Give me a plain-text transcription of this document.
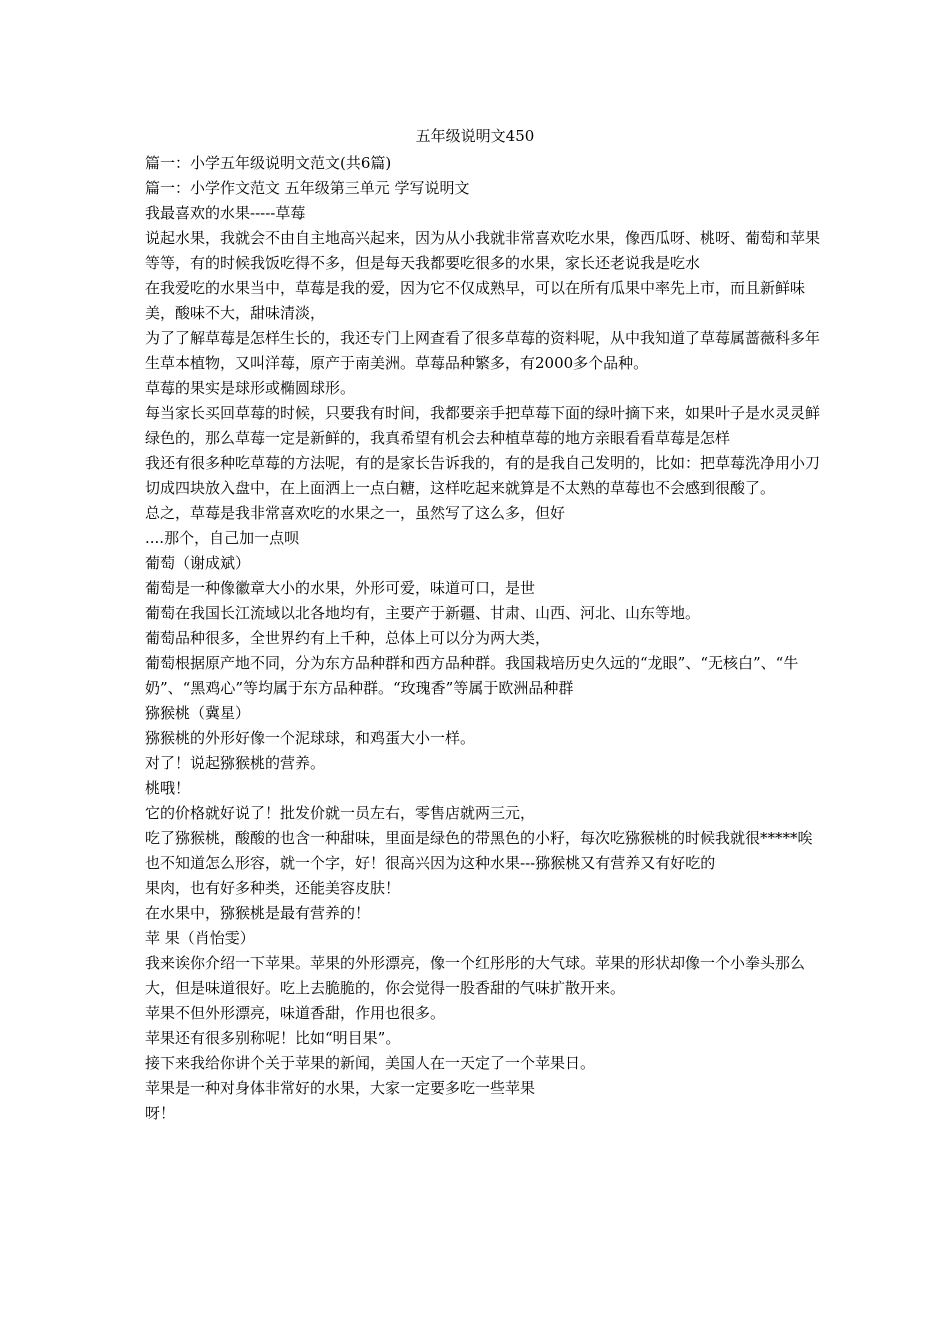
五年级说明文450

篇一：小学五年级说明文范文(共6篇)

篇一：小学作文范文 五年级第三单元 学写说明文

我最喜欢的水果-----草莓

说起水果，我就会不由自主地高兴起来，因为从小我就非常喜欢吃水果，像西瓜呀、桃呀、葡萄和苹果等等，有的时候我饭吃得不多，但是每天我都要吃很多的水果，家长还老说我是吃水

在我爱吃的水果当中，草莓是我的爱，因为它不仅成熟早，可以在所有瓜果中率先上市，而且新鲜味美，酸味不大，甜味清淡，

为了了解草莓是怎样生长的，我还专门上网查看了很多草莓的资料呢，从中我知道了草莓属蔷薇科多年生草本植物，又叫洋莓，原产于南美洲。草莓品种繁多，有2000多个品种。

草莓的果实是球形或椭圆球形。

每当家长买回草莓的时候，只要我有时间，我都要亲手把草莓下面的绿叶摘下来，如果叶子是水灵灵鲜绿色的，那么草莓一定是新鲜的，我真希望有机会去种植草莓的地方亲眼看看草莓是怎样

我还有很多种吃草莓的方法呢，有的是家长告诉我的，有的是我自己发明的，比如：把草莓洗净用小刀切成四块放入盘中，在上面洒上一点白糖，这样吃起来就算是不太熟的草莓也不会感到很酸了。

总之，草莓是我非常喜欢吃的水果之一，虽然写了这么多，但好

....那个，自己加一点呗

葡萄（谢成斌）

葡萄是一种像徽章大小的水果，外形可爱，味道可口，是世

葡萄在我国长江流域以北各地均有，主要产于新疆、甘肃、山西、河北、山东等地。

葡萄品种很多，全世界约有上千种，总体上可以分为两大类，

葡萄根据原产地不同，分为东方品种群和西方品种群。我国栽培历史久远的“龙眼”、“无核白”、“牛奶”、“黑鸡心”等均属于东方品种群。“玫瑰香”等属于欧洲品种群

猕猴桃（冀星）

猕猴桃的外形好像一个泥球球，和鸡蛋大小一样。

对了！说起猕猴桃的营养。

桃哦！

它的价格就好说了！批发价就一员左右，零售店就两三元，

吃了猕猴桃，酸酸的也含一种甜味，里面是绿色的带黑色的小籽，每次吃猕猴桃的时候我就很*****唉也不知道怎么形容，就一个字，好！很高兴因为这种水果---猕猴桃又有营养又有好吃的

果肉，也有好多种类，还能美容皮肤！

在水果中，猕猴桃是最有营养的！

苹 果（肖怡雯）

我来诶你介绍一下苹果。苹果的外形漂亮，像一个红彤彤的大气球。苹果的形状却像一个小拳头那么大，但是味道很好。吃上去脆脆的，你会觉得一股香甜的气味扩散开来。

苹果不但外形漂亮，味道香甜，作用也很多。

苹果还有很多别称呢！比如“明目果”。

接下来我给你讲个关于苹果的新闻，美国人在一天定了一个苹果日。

苹果是一种对身体非常好的水果，大家一定要多吃一些苹果

呀！
